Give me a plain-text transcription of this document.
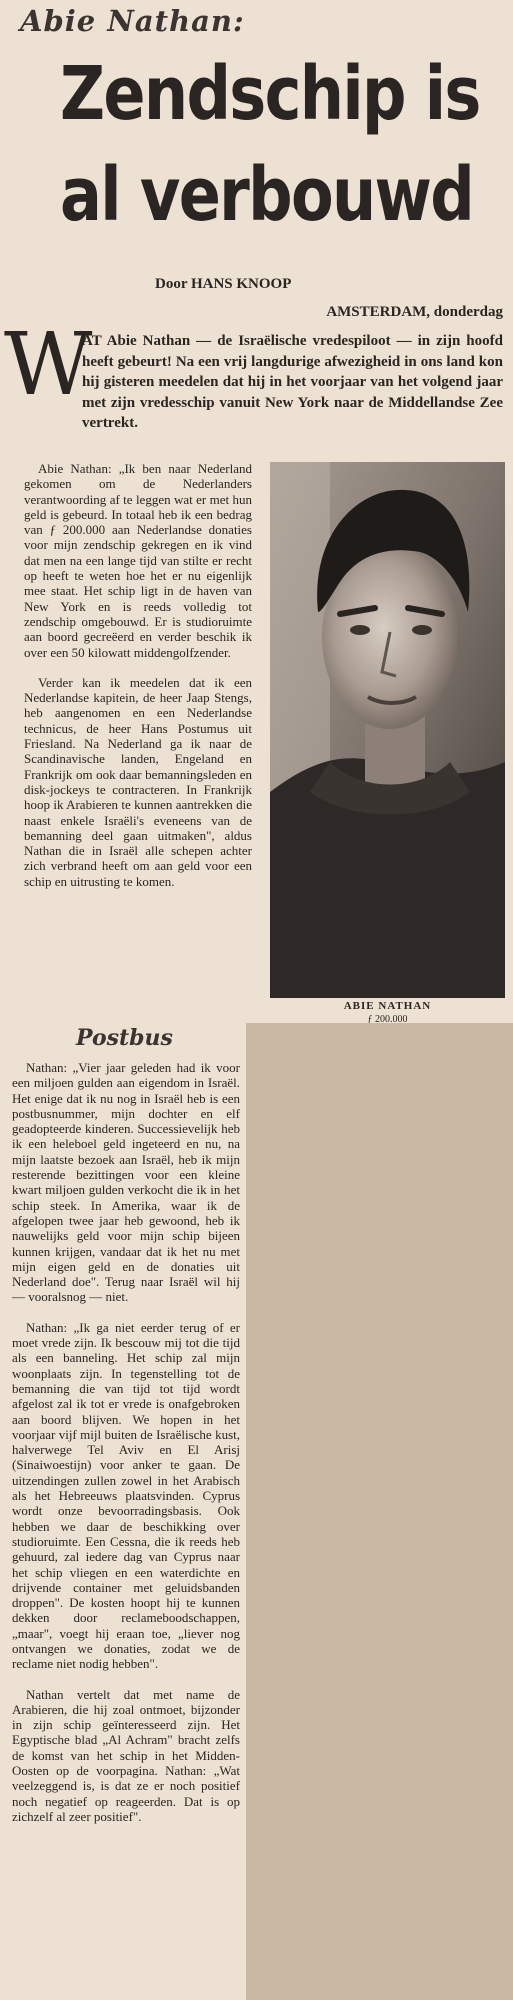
Abie Nathan:
Zendschip is
al verbouwd
Door HANS KNOOP
AMSTERDAM, donderdag
W
AT Abie Nathan — de Israëlische vredespiloot — in zijn hoofd heeft gebeurt! Na een vrij langdurige afwezigheid in ons land kon hij gisteren meedelen dat hij in het voorjaar van het volgend jaar met zijn vredesschip vanuit New York naar de Middellandse Zee vertrekt.

Abie Nathan: „Ik ben naar Nederland gekomen om de Nederlanders verantwoording af te leggen wat er met hun geld is gebeurd. In totaal heb ik een bedrag van ƒ 200.000 aan Nederlandse donaties voor mijn zendschip gekregen en ik vind dat men na een lange tijd van stilte er recht op heeft te weten hoe het er nu eigenlijk mee staat. Het schip ligt in de haven van New York en is reeds volledig tot zendschip omgebouwd. Er is studioruimte aan boord gecreëerd en verder beschik ik over een 50 kilowatt middengolfzender.

Verder kan ik meedelen dat ik een Nederlandse kapitein, de heer Jaap Stengs, heb aangenomen en een Nederlandse technicus, de heer Hans Postumus uit Friesland. Na Nederland ga ik naar de Scandinavische landen, Engeland en Frankrijk om ook daar bemanningsleden en disk-jockeys te contracteren. In Frankrijk hoop ik Arabieren te kunnen aantrekken die naast enkele Israëli's eveneens van de bemanning deel gaan uitmaken", aldus Nathan die in Israël alle schepen achter zich verbrand heeft om aan geld voor een schip en uitrusting te komen.

ABIE NATHAN
ƒ 200.000
Postbus

Nathan: „Vier jaar geleden had ik voor een miljoen gulden aan eigendom in Israël. Het enige dat ik nu nog in Israël heb is een postbusnummer, mijn dochter en elf geadopteerde kinderen. Successievelijk heb ik een heleboel geld ingeteerd en nu, na mijn laatste bezoek aan Israël, heb ik mijn resterende bezittingen voor een kleine kwart miljoen gulden verkocht die ik in het schip steek. In Amerika, waar ik de afgelopen twee jaar heb gewoond, heb ik nauwelijks geld voor mijn schip bijeen kunnen krijgen, vandaar dat ik het nu met mijn eigen geld en de donaties uit Nederland doe". Terug naar Israël wil hij — vooralsnog — niet.

Nathan: „Ik ga niet eerder terug of er moet vrede zijn. Ik bescouw mij tot die tijd als een banneling. Het schip zal mijn woonplaats zijn. In tegenstelling tot de bemanning die van tijd tot tijd wordt afgelost zal ik tot er vrede is onafgebroken aan boord blijven. We hopen in het voorjaar vijf mijl buiten de Israëlische kust, halverwege Tel Aviv en El Arisj (Sinaiwoestijn) voor anker te gaan. De uitzendingen zullen zowel in het Arabisch als het Hebreeuws plaatsvinden. Cyprus wordt onze bevoorradingsbasis. Ook hebben we daar de beschikking over studioruimte. Een Cessna, die ik reeds heb gehuurd, zal iedere dag van Cyprus naar het schip vliegen en een waterdichte en drijvende container met geluidsbanden droppen". De kosten hoopt hij te kunnen dekken door reclameboodschappen, „maar", voegt hij eraan toe, „liever nog ontvangen we donaties, zodat we de reclame niet nodig hebben".

Nathan vertelt dat met name de Arabieren, die hij zoal ontmoet, bijzonder in zijn schip geïnteresseerd zijn. Het Egyptische blad „Al Achram" bracht zelfs de komst van het schip in het Midden-Oosten op de voorpagina. Nathan: „Wat veelzeggend is, is dat ze er noch positief noch negatief op reageerden. Dat is op zichzelf al zeer positief".
